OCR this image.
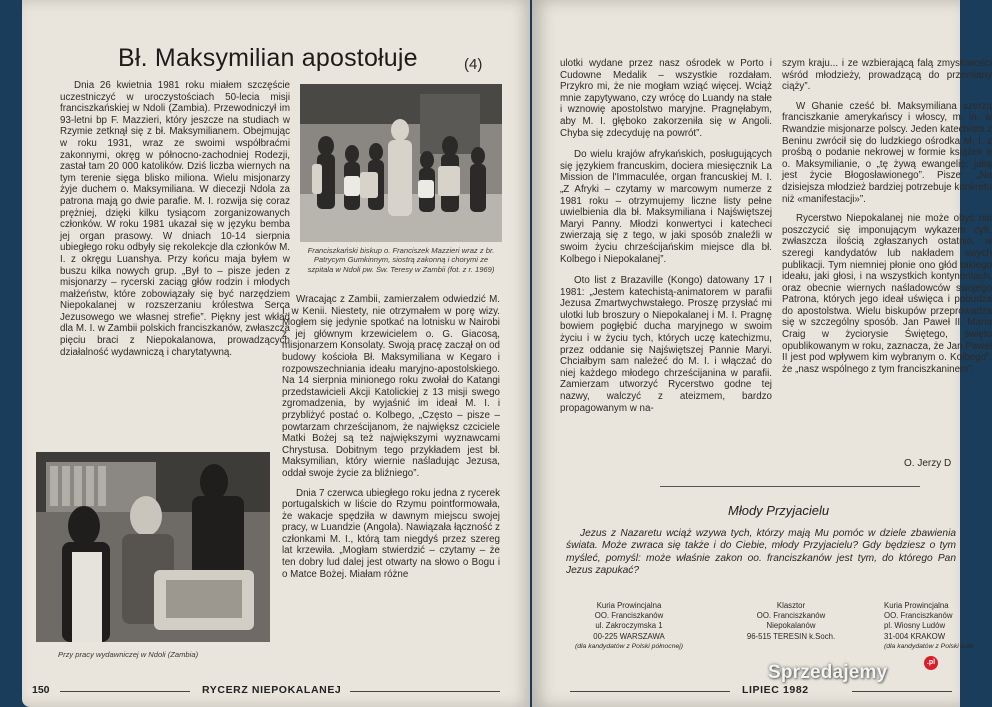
Bł. Maksymilian apostołuje	(4)

Dnia 26 kwietnia 1981 roku miałem szczęście uczestniczyć w uroczystościach 50-lecia misji franciszkańskiej w Ndoli (Zambia). Przewodniczył im 93-letni bp F. Mazzieri, który jeszcze na studiach w Rzymie zetknął się z bł. Maksymilianem. Obejmując w roku 1931, wraz ze swoimi współbraćmi zakonnymi, okręg w północno-zachodniej Rodezji, zastał tam 20 000 katolików. Dziś liczba wiernych na tym terenie sięga blisko miliona. Wielu misjonarzy żyje duchem o. Maksymiliana. W diecezji Ndola za patrona mają go dwie parafie. M. I. rozwija się coraz prężniej, dzięki kilku tysiącom zorganizowanych członków. W roku 1981 ukazał się w języku bemba jej organ prasowy. W dniach 10-14 sierpnia ubiegłego roku odbyły się rekolekcje dla członków M. I. z okręgu Luanshya. Przy końcu maja byłem w buszu kilka nowych grup. „Był to – pisze jeden z misjonarzy – rycerski zaciąg głów rodzin i młodych małżeństw, które zobowiązały się być narzędziem Niepokalanej w rozszerzaniu królestwa Serca Jezusowego we własnej strefie”. Piękny jest wkład dla M. I. w Zambii polskich franciszkanów, zwłaszcza pięciu braci z Niepokalanowa, prowadzących działalność wydawniczą i charytatywną.

Franciszkański biskup o. Franciszek Mazzieri wraz z br. Patrycym Gumkinnym, siostrą zakonną i chorymi ze szpitala w Ndoli pw. Św. Teresy w Zambii (fot. z r. 1969)

Wracając z Zambii, zamierzałem odwiedzić M. I. w Kenii. Niestety, nie otrzymałem w porę wizy. Mogłem się jedynie spotkać na lotnisku w Nairobi z jej głównym krzewicielem o. G. Giacosą, misjonarzem Konsolaty. Swoją pracę zaczął on od budowy kościoła Bł. Maksymiliana w Kegaro i rozpowszechniania ideału maryjno-apostolskiego. Na 14 sierpnia minionego roku zwołał do Katangi przedstawicieli Akcji Katolickiej z 13 misji swego zgromadzenia, by wyjaśnić im ideał M. I. i przybliżyć postać o. Kolbego, „Często – pisze – powtarzam chrześcijanom, że największ czciciele Matki Bożej są też największymi wyznawcami Chrystusa. Dobitnym tego przykładem jest bł. Maksymilian, który wiernie naśladując Jezusa, oddał swoje życie za bliźniego”.

Dnia 7 czerwca ubiegłego roku jedna z rycerek portugalskich w liście do Rzymu pointformowała, że wakacje spędziła w dawnym miejscu swojej pracy, w Luandzie (Angola). Nawiązała łączność z członkami M. I., którą tam niegdyś przez szereg lat krzewiła. „Mogłam stwierdzić – czytamy – że ten dobry lud dalej jest otwarty na słowo o Bogu i o Matce Bożej. Miałam różne

Przy pracy wydawniczej w Ndoli (Zambia)
150	RYCERZ NIEPOKALANEJ

ulotki wydane przez nasz ośrodek w Porto i Cudowne Medalik – wszystkie rozdałam. Przykro mi, że nie mogłam wziąć więcej. Wciąż mnie zapytywano, czy wrócę do Luandy na stałe i wznowię apostolstwo maryjne. Pragnęłabym, aby M. I. głęboko zakorzeniła się w Angoli. Chyba się zdecyduję na powrót”.

Do wielu krajów afrykańskich, posługujących się językiem francuskim, dociera miesięcznik La Mission de l'Immaculée, organ francuskiej M. I. „Z Afryki – czytamy w marcowym numerze z 1981 roku – otrzymujemy liczne listy pełne uwielbienia dla bł. Maksymiliana i Najświętszej Maryi Panny. Młodzi konwertyci i katecheci zwierzają się z tego, w jaki sposób znaleźli w swoim życiu chrześcijańskim miejsce dla bł. Kolbego i Niepokalanej”.

Oto list z Brazaville (Kongo) datowany 17 I 1981: „Jestem katechistą-animatorem w parafii Jezusa Zmartwychwstałego. Proszę przysłać mi ulotki lub broszury o Niepokalanej i M. I. Pragnę bowiem pogłębić ducha maryjnego w swoim życiu i w życiu tych, których uczę katechizmu, przez oddanie się Najświętszej Pannie Maryi. Chciałbym sam należeć do M. I. i włączać do niej każdego młodego chrześcijanina w parafii. Zamierzam utworzyć Rycerstwo godne tej nazwy, walczyć z ateizmem, bardzo propagowanym w na-

szym kraju... i ze wzbierającą falą zmysłowości wśród młodzieży, prowadzącą do przemiany ciąży”.

W Ghanie cześć bł. Maksymiliana szerzą franciszkanie amerykańscy i włoscy, m. in. w Rwandzie misjonarze polscy. Jeden katechista z Beninu zwrócił się do ludzkiego ośrodka M. I. z prośbą o podanie nekrowej w formie książek o o. Maksymilianie, o „tę żywą ewangelię, jaką jest życie Błogosławionego”. Pisze: „Na dzisiejsza młodzież bardziej potrzebuje konkretu niż «manifestacji»”.

Rycerstwo Niepokalanej nie może obyć nie poszczycić się imponującym wykazem cyfr, zwłaszcza ilością zgłaszanych ostatnio, w szeregi kandydatów lub nakładem swych publikacji. Tym niemniej płonie ono głód takiego ideału, jaki głosi, i na wszystkich kontynentach, oraz obecnie wiernych naśladowców swojego Patrona, których jego ideał uświęca i pobudza do apostolstwa. Wielu biskupów przeprowadza się w szczególny sposób. Jan Paweł II. Maria Craig w życiorysie Świętego, święto opublikowanym w roku, zaznacza, że Jan Paweł II jest pod wpływem kim wybranym o. Kolbego”, że „nasz wspólnego z tym franciszkaninem”.

O. Jerzy D
Młody Przyjacielu
Jezus z Nazaretu wciąż wzywa tych, którzy mają Mu pomóc w dziele zbawienia świata. Może zwraca się także i do Ciebie, młody Przyjacielu? Gdy będziesz o tym myśleć, pomyśl: może właśnie zakon oo. franciszkanów jest tym, do którego Pan Jezus zapukać?
Kuria Prowincjalna
OO. Franciszkanów
ul. Zakroczymska 1
00-225 WARSZAWA
(dla kandydatów z Polski północnej)
Klasztor
OO. Franciszkanów
Niepokalanów
96-515 TERESIN k.Soch.
Kuria Prowincjalna
OO. Franciszkanów
pl. Wiosny Ludów
31-004 KRAKOW
(dla kandydatów z Polski połu
LIPIEC 1982
Sprzedajemy	.pl
